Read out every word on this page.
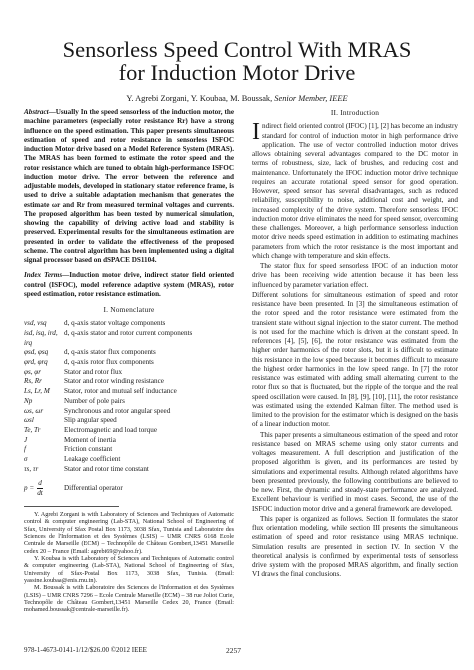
Sensorless Speed Control With MRAS
for Induction Motor Drive
Y. Agrebi Zorgani, Y. Koubaa, M. Boussak, Senior Member, IEEE

Abstract—Usually In the speed sensorless of the induction motor, the machine parameters (especially rotor resistance Rr) have a strong influence on the speed estimation. This paper presents simultaneous estimation of speed and rotor resistance in sensorless ISFOC induction Motor drive based on a Model Reference System (MRAS). The MRAS has been formed to estimate the rotor speed and the rotor resistance which are tuned to obtain high-performance ISFOC induction motor drive. The error between the reference and adjustable models, developed in stationary stator reference frame, is used to drive a suitable adaptation mechanism that generates the estimate ωr and Rr from measured terminal voltages and currents. The proposed algorithm has been tested by numerical simulation, showing the capability of driving active load and stability is preserved. Experimental results for the simultaneous estimation are presented in order to validate the effectiveness of the proposed scheme. The control algorithm has been implemented using a digital signal processor based on dSPACE DS1104.

Index Terms—Induction motor drive, indirect stator field oriented control (ISFOC), model reference adaptive system (MRAS), rotor speed estimation, rotor resistance estimation.

I. Nomenclature
vsd, vsq	d, q-axis stator voltage components
isd, isq, ird, irq	d, q-axis stator and rotor current components
φsd, φsq	d, q-axis stator flux components
φrd, φrq	d, q-axis rotor flux components
φs, φr	Stator and rotor flux
Rs, Rr	Stator and rotor winding resistance
Ls, Lr, M	Stator, rotor and mutual self inductance
Np	Number of pole pairs
ωs, ωr	Synchronous and rotor angular speed
ωsl	Slip angular speed
Te, Tr	Electromagnetic and load torque
J	Moment of inertia
f	Friction constant
σ	Leakage coefficient
τs, τr	Stator and rotor time constant
$p = \frac{d}{dt}$	Differential operator

Y. Agrebi Zorgani is with Laboratory of Sciences and Techniques of Automatic control & computer engineering (Lab-STA), National School of Engineering of Sfax, University of Sfax Postal Box 1173, 3038 Sfax, Tunisia and Laboratoire des Sciences de l'Information et des Systèmes (LSIS) – UMR CNRS 6168 Ecole Centrale de Marseille (ECM) – Technopôle de Château Gombert,13451 Marseille cedex 20 – France (Email: agrebi69@yahoo.fr).

Y. Koubaa is with Laboratory of Sciences and Techniques of Automatic control & computer engineering (Lab-STA), National School of Engineering of Sfax, University of Sfax-Postal Box 1173, 3038 Sfax, Tunisia. (Email: yassine.koubaa@enis.rnu.tn).

M. Boussak is with Laboratoire des Sciences de l'Information et des Systèmes (LSIS) – UMR CNRS 7296 – Ecole Centrale Marseille (ECM) – 38 rue Joliot Curie, Technopôle de Château Gombert,13451 Marseille Cedex 20, France (Email: mohamed.boussak@centrale-marseille.fr).

II. Introduction

Indirect field oriented control (IFOC) [1], [2] has become an industry standard for control of induction motor in high performance drive application. The use of vector controlled induction motor drives allows obtaining several advantages compared to the DC motor in terms of robustness, size, lack of brushes, and reducing cost and maintenance. Unfortunately the IFOC induction motor drive technique requires an accurate rotational speed sensor for good operation. However, speed sensor has several disadvantages, such as reduced reliability, susceptibility to noise, additional cost and weight, and increased complexity of the drive system. Therefore sensorless IFOC induction motor drive eliminates the need for speed sensor, overcoming these challenges. Moreover, a high performance sensorless induction motor drive needs speed estimation in addition to estimating machines parameters from which the rotor resistance is the most important and which change with temperature and skin effects.

The stator flux for speed sensorless IFOC of an induction motor drive has been receiving wide attention because it has been less influenced by parameter variation effect.

Different solutions for simultaneous estimation of speed and rotor resistance have been presented. In [3] the simultaneous estimation of the rotor speed and the rotor resistance were estimated from the transient state without signal injection to the stator current. The method is not used for the machine which is driven at the constant speed. In references [4], [5], [6], the rotor resistance was estimated from the higher order harmonics of the rotor slots, but it is difficult to estimate this resistance in the low speed because it becomes difficult to measure the highest order harmonics in the low speed range. In [7] the rotor resistance was estimated with adding small alternating current to the rotor flux so that is fluctuated, but the ripple of the torque and the real speed oscillation were caused. In [8], [9], [10], [11], the rotor resistance was estimated using the extended Kalman filter. The method used is limited to the provision for the estimator which is designed on the basis of a linear induction motor.

This paper presents a simultaneous estimation of the speed and rotor resistance based on MRAS scheme using only stator currents and voltages measurement. A full description and justification of the proposed algorithm is given, and its performances are tested by simulations and experimental results. Although related algorithms have been presented previously, the following contributions are believed to be new. First, the dynamic and steady-state performance are analyzed. Excellent behaviour is verified in most cases. Second, the use of the ISFOC induction motor drive and a general framework are developed.

This paper is organized as follows. Section II formulates the stator flux orientation modeling, while section III presents the simultaneous estimation of speed and rotor resistance using MRAS technique. Simulation results are presented in section IV. In section V the theoretical analysis is confirmed by experimental tests of sensorless drive system with the proposed MRAS algorithm, and finally section VI draws the final conclusions.

978-1-4673-0141-1/12/$26.00 ©2012 IEEE	2257
